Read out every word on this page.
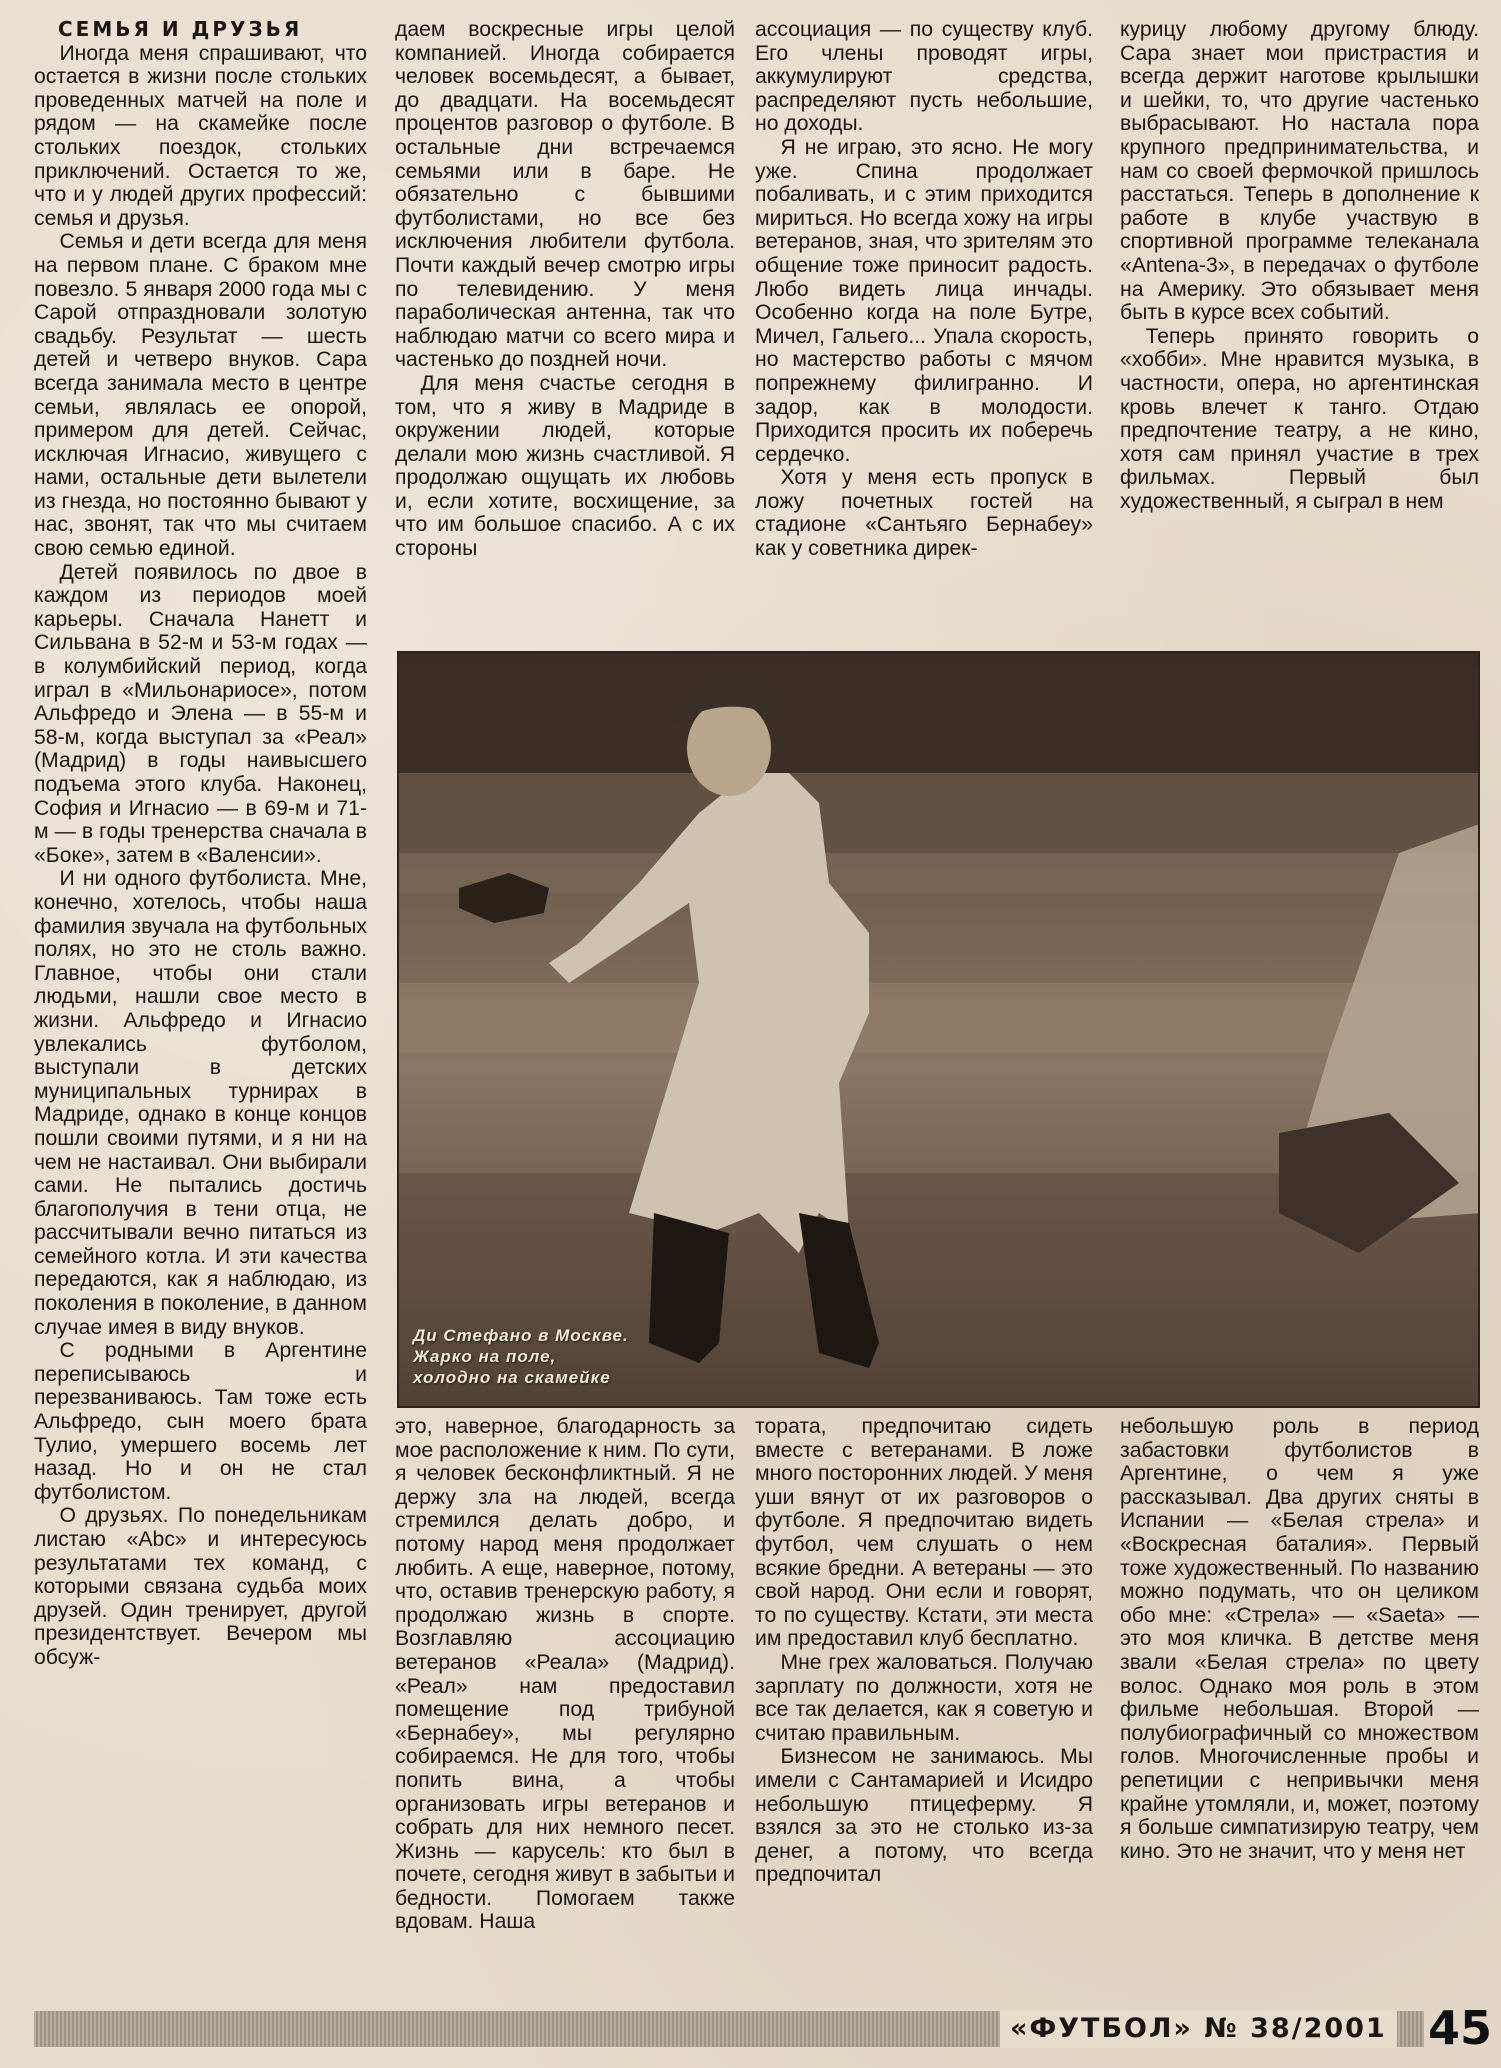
СЕМЬЯ И ДРУЗЬЯ

Иногда меня спрашивают, что остается в жизни после стольких проведенных матчей на поле и рядом — на скамейке после стольких поездок, стольких приключений. Остается то же, что и у людей других профессий: семья и друзья.

Семья и дети всегда для меня на первом плане. С браком мне повезло. 5 января 2000 года мы с Сарой отпраздновали золотую свадьбу. Результат — шесть детей и четверо внуков. Сара всегда занимала место в центре семьи, являлась ее опорой, примером для детей. Сейчас, исключая Игнасио, живущего с нами, остальные дети вылетели из гнезда, но постоянно бывают у нас, звонят, так что мы считаем свою семью единой.

Детей появилось по двое в каждом из периодов моей карьеры. Сначала Нанетт и Сильвана в 52-м и 53-м годах — в колумбийский период, когда играл в «Мильонариосе», потом Альфредо и Элена — в 55-м и 58-м, когда выступал за «Реал» (Мадрид) в годы наивысшего подъема этого клуба. Наконец, София и Игнасио — в 69-м и 71-м — в годы тренерства сначала в «Боке», затем в «Валенсии».

И ни одного футболиста. Мне, конечно, хотелось, чтобы наша фамилия звучала на футбольных полях, но это не столь важно. Главное, чтобы они стали людьми, нашли свое место в жизни. Альфредо и Игнасио увлекались футболом, выступали в детских муниципальных турнирах в Мадриде, однако в конце концов пошли своими путями, и я ни на чем не настаивал. Они выбирали сами. Не пытались достичь благополучия в тени отца, не рассчитывали вечно питаться из семейного котла. И эти качества передаются, как я наблюдаю, из поколения в поколение, в данном случае имея в виду внуков.

С родными в Аргентине переписываюсь и перезваниваюсь. Там тоже есть Альфредо, сын моего брата Тулио, умершего восемь лет назад. Но и он не стал футболистом.

О друзьях. По понедельникам листаю «Abc» и интересуюсь результатами тех команд, с которыми связана судьба моих друзей. Один тренирует, другой президентствует. Вечером мы обсуж-

даем воскресные игры целой компанией. Иногда собирается человек восемьдесят, а бывает, до двадцати. На восемьдесят процентов разговор о футболе. В остальные дни встречаемся семьями или в баре. Не обязательно с бывшими футболистами, но все без исключения любители футбола. Почти каждый вечер смотрю игры по телевидению. У меня параболическая антенна, так что наблюдаю матчи со всего мира и частенько до поздней ночи.

Для меня счастье сегодня в том, что я живу в Мадриде в окружении людей, которые делали мою жизнь счастливой. Я продолжаю ощущать их любовь и, если хотите, восхищение, за что им большое спасибо. А с их стороны

ассоциация — по существу клуб. Его члены проводят игры, аккумулируют средства, распределяют пусть небольшие, но доходы.

Я не играю, это ясно. Не могу уже. Спина продолжает побаливать, и с этим приходится мириться. Но всегда хожу на игры ветеранов, зная, что зрителям это общение тоже приносит радость. Любо видеть лица инчады. Особенно когда на поле Бутре, Мичел, Гальего... Упала скорость, но мастерство работы с мячом попрежнему филигранно. И задор, как в молодости. Приходится просить их поберечь сердечко.

Хотя у меня есть пропуск в ложу почетных гостей на стадионе «Сантьяго Бернабеу» как у советника дирек-

курицу любому другому блюду. Сара знает мои пристрастия и всегда держит наготове крылышки и шейки, то, что другие частенько выбрасывают. Но настала пора крупного предпринимательства, и нам со своей фермочкой пришлось расстаться. Теперь в дополнение к работе в клубе участвую в спортивной программе телеканала «Antena-3», в передачах о футболе на Америку. Это обязывает меня быть в курсе всех событий.

Теперь принято говорить о «хобби». Мне нравится музыка, в частности, опера, но аргентинская кровь влечет к танго. Отдаю предпочтение театру, а не кино, хотя сам принял участие в трех фильмах. Первый был художественный, я сыграл в нем

Ди Стефано в Москве.
Жарко на поле,
холодно на скамейке

это, наверное, благодарность за мое расположение к ним. По сути, я человек бесконфликтный. Я не держу зла на людей, всегда стремился делать добро, и потому народ меня продолжает любить. А еще, наверное, потому, что, оставив тренерскую работу, я продолжаю жизнь в спорте. Возглавляю ассоциацию ветеранов «Реала» (Мадрид). «Реал» нам предоставил помещение под трибуной «Бернабеу», мы регулярно собираемся. Не для того, чтобы попить вина, а чтобы организовать игры ветеранов и собрать для них немного песет. Жизнь — карусель: кто был в почете, сегодня живут в забытьи и бедности. Помогаем также вдовам. Наша

тората, предпочитаю сидеть вместе с ветеранами. В ложе много посторонних людей. У меня уши вянут от их разговоров о футболе. Я предпочитаю видеть футбол, чем слушать о нем всякие бредни. А ветераны — это свой народ. Они если и говорят, то по существу. Кстати, эти места им предоставил клуб бесплатно.

Мне грех жаловаться. Получаю зарплату по должности, хотя не все так делается, как я советую и считаю правильным.

Бизнесом не занимаюсь. Мы имели с Сантамарией и Исидро небольшую птицеферму. Я взялся за это не столько из-за денег, а потому, что всегда предпочитал

небольшую роль в период забастовки футболистов в Аргентине, о чем я уже рассказывал. Два других сняты в Испании — «Белая стрела» и «Воскресная баталия». Первый тоже художественный. По названию можно подумать, что он целиком обо мне: «Стрела» — «Saeta» — это моя кличка. В детстве меня звали «Белая стрела» по цвету волос. Однако моя роль в этом фильме небольшая. Второй — полубиографичный со множеством голов. Многочисленные пробы и репетиции с непривычки меня крайне утомляли, и, может, поэтому я больше симпатизирую театру, чем кино. Это не значит, что у меня нет

«ФУТБОЛ» № 38/2001 45
